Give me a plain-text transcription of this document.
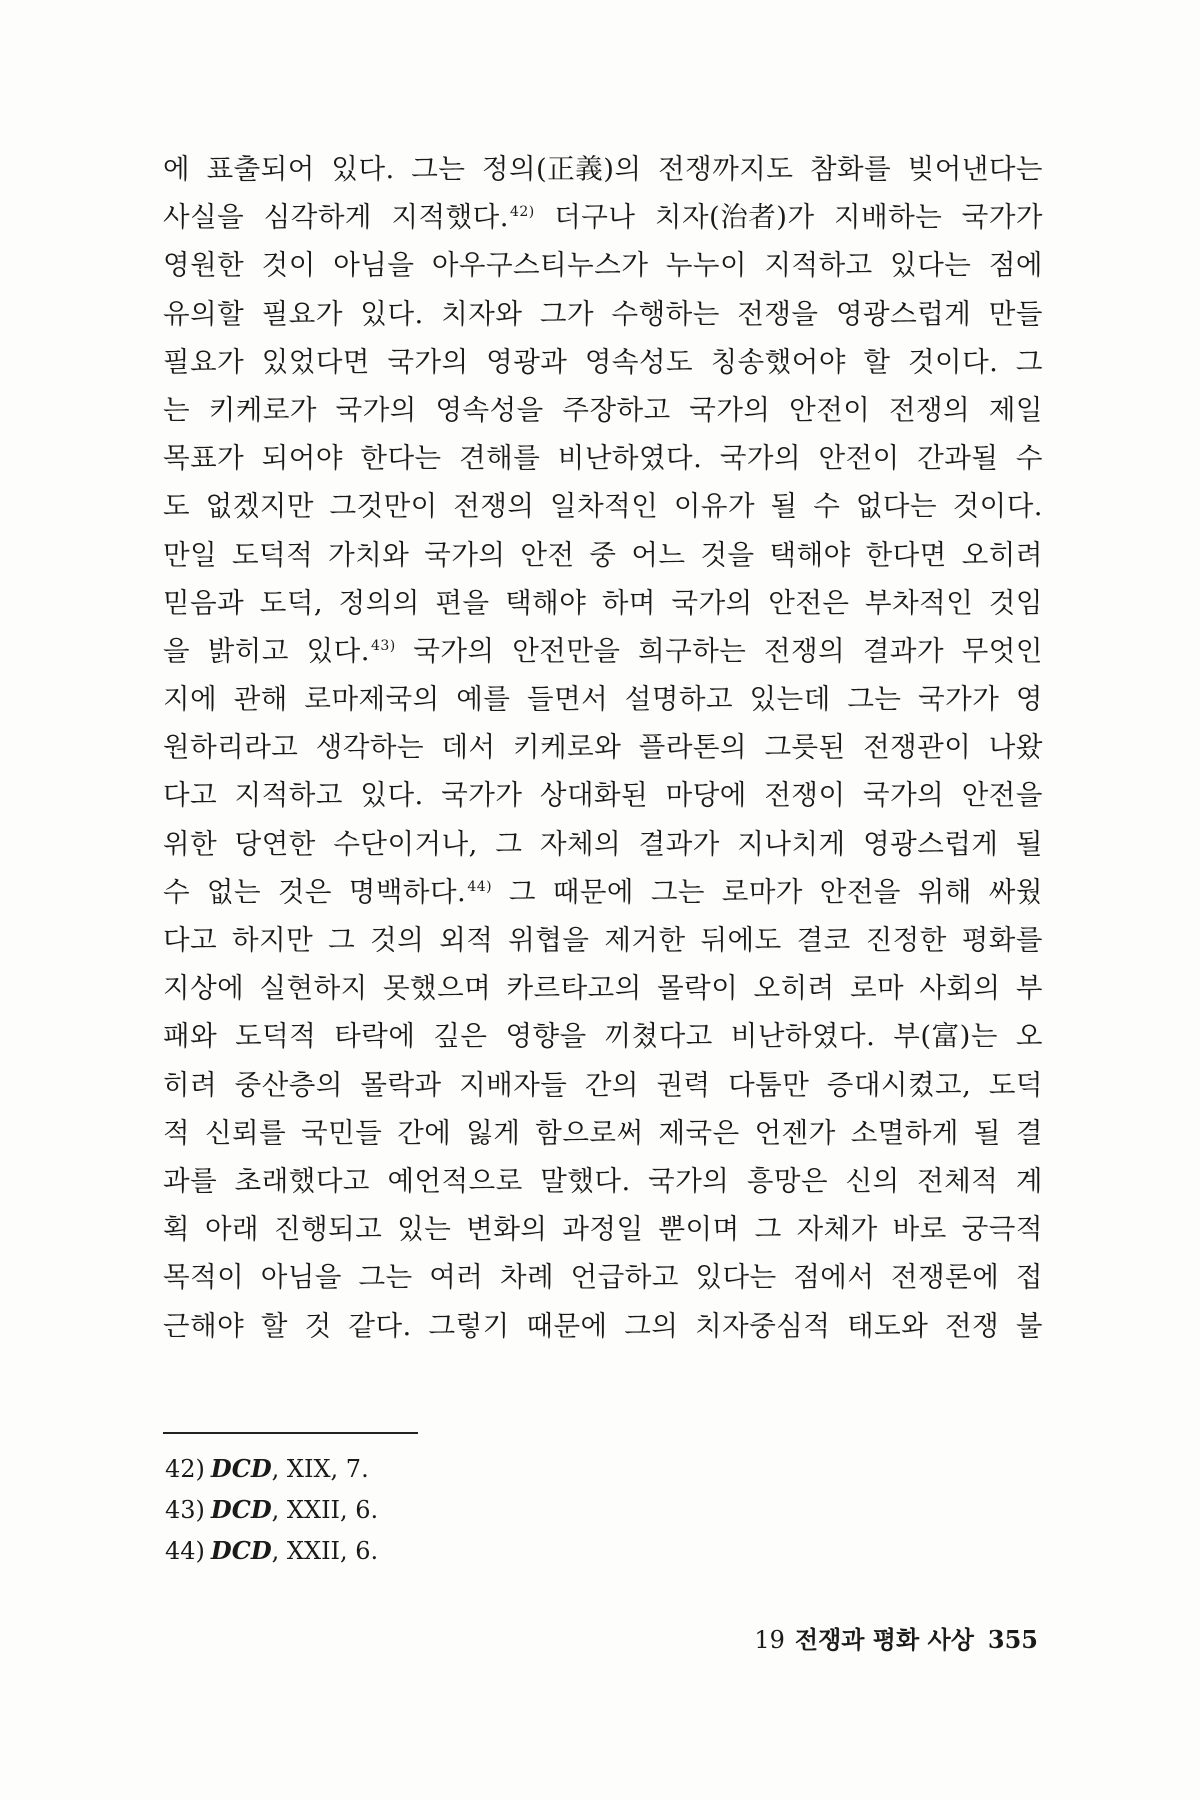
에 표출되어 있다. 그는 정의(正義)의 전쟁까지도 참화를 빚어낸다는
사실을 심각하게 지적했다.$^{42)}$ 더구나 치자(治者)가 지배하는 국가가
영원한 것이 아님을 아우구스티누스가 누누이 지적하고 있다는 점에
유의할 필요가 있다. 치자와 그가 수행하는 전쟁을 영광스럽게 만들
필요가 있었다면 국가의 영광과 영속성도 칭송했어야 할 것이다. 그
는 키케로가 국가의 영속성을 주장하고 국가의 안전이 전쟁의 제일
목표가 되어야 한다는 견해를 비난하였다. 국가의 안전이 간과될 수
도 없겠지만 그것만이 전쟁의 일차적인 이유가 될 수 없다는 것이다.
만일 도덕적 가치와 국가의 안전 중 어느 것을 택해야 한다면 오히려
믿음과 도덕, 정의의 편을 택해야 하며 국가의 안전은 부차적인 것임
을 밝히고 있다.$^{43)}$ 국가의 안전만을 희구하는 전쟁의 결과가 무엇인
지에 관해 로마제국의 예를 들면서 설명하고 있는데 그는 국가가 영
원하리라고 생각하는 데서 키케로와 플라톤의 그릇된 전쟁관이 나왔
다고 지적하고 있다. 국가가 상대화된 마당에 전쟁이 국가의 안전을
위한 당연한 수단이거나, 그 자체의 결과가 지나치게 영광스럽게 될
수 없는 것은 명백하다.$^{44)}$ 그 때문에 그는 로마가 안전을 위해 싸웠
다고 하지만 그 것의 외적 위협을 제거한 뒤에도 결코 진정한 평화를
지상에 실현하지 못했으며 카르타고의 몰락이 오히려 로마 사회의 부
패와 도덕적 타락에 깊은 영향을 끼쳤다고 비난하였다. 부(富)는 오
히려 중산층의 몰락과 지배자들 간의 권력 다툼만 증대시켰고, 도덕
적 신뢰를 국민들 간에 잃게 함으로써 제국은 언젠가 소멸하게 될 결
과를 초래했다고 예언적으로 말했다. 국가의 흥망은 신의 전체적 계
획 아래 진행되고 있는 변화의 과정일 뿐이며 그 자체가 바로 궁극적
목적이 아님을 그는 여러 차례 언급하고 있다는 점에서 전쟁론에 접
근해야 할 것 같다. 그렇기 때문에 그의 치자중심적 태도와 전쟁 불
42) DCD, XIX, 7.
43) DCD, XXII, 6.
44) DCD, XXII, 6.
19 전쟁과 평화 사상 355
